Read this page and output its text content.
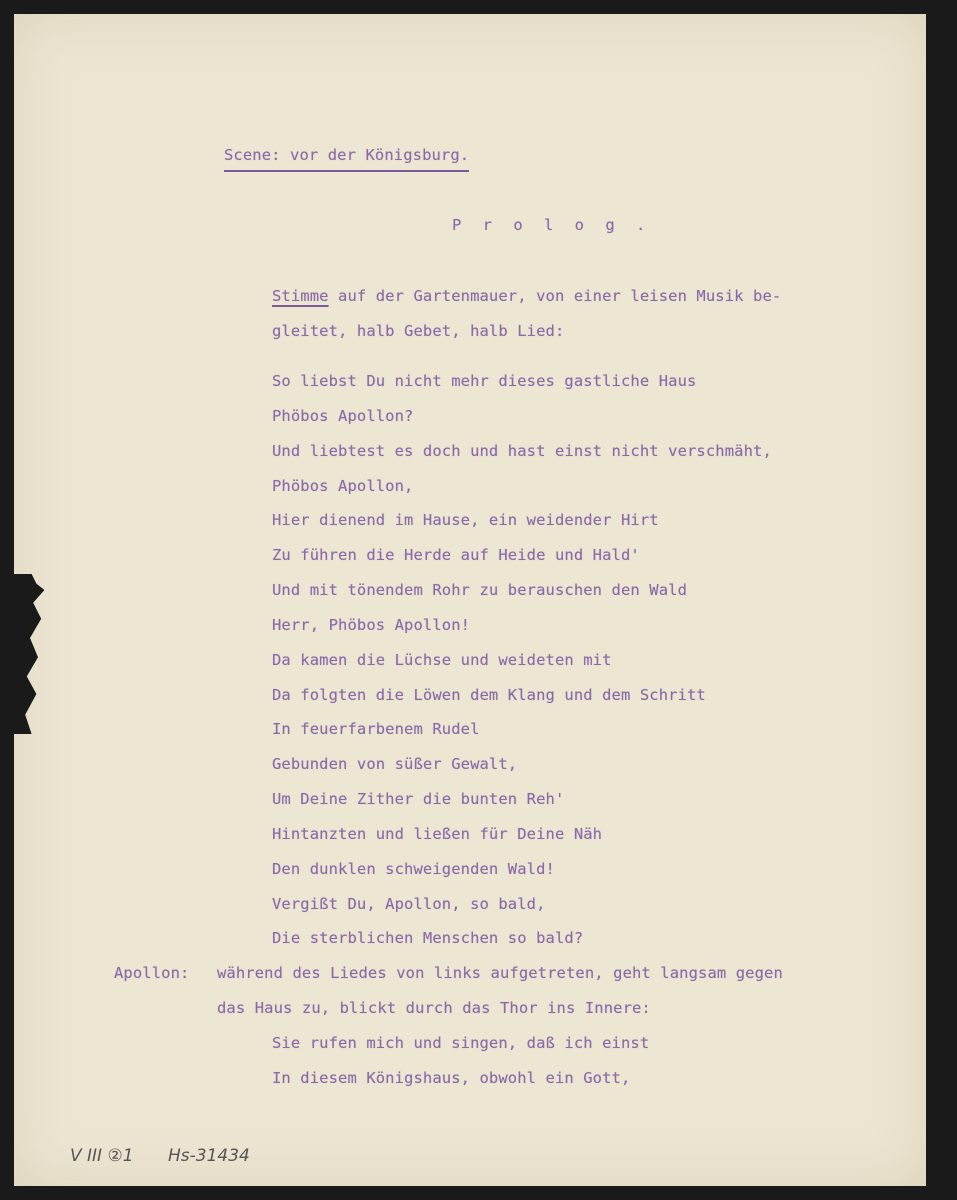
Scene: vor der Königsburg.
P r o l o g .
Stimme auf der Gartenmauer, von einer leisen Musik be-
gleitet, halb Gebet, halb Lied:
So liebst Du nicht mehr dieses gastliche Haus
Phöbos Apollon?
Und liebtest es doch und hast einst nicht verschmäht,
Phöbos Apollon,
Hier dienend im Hause, ein weidender Hirt
Zu führen die Herde auf Heide und Hald'
Und mit tönendem Rohr zu berauschen den Wald
Herr, Phöbos Apollon!
Da kamen die Lüchse und weideten mit
Da folgten die Löwen dem Klang und dem Schritt
In feuerfarbenem Rudel
Gebunden von süßer Gewalt,
Um Deine Zither die bunten Reh'
Hintanzten und ließen für Deine Näh
Den dunklen schweigenden Wald!
Vergißt Du, Apollon, so bald,
Die sterblichen Menschen so bald?
Apollon: während des Liedes von links aufgetreten, geht langsam gegen
das Haus zu, blickt durch das Thor ins Innere:
Sie rufen mich und singen, daß ich einst
In diesem Königshaus, obwohl ein Gott,
V III ②1 Hs-31434
